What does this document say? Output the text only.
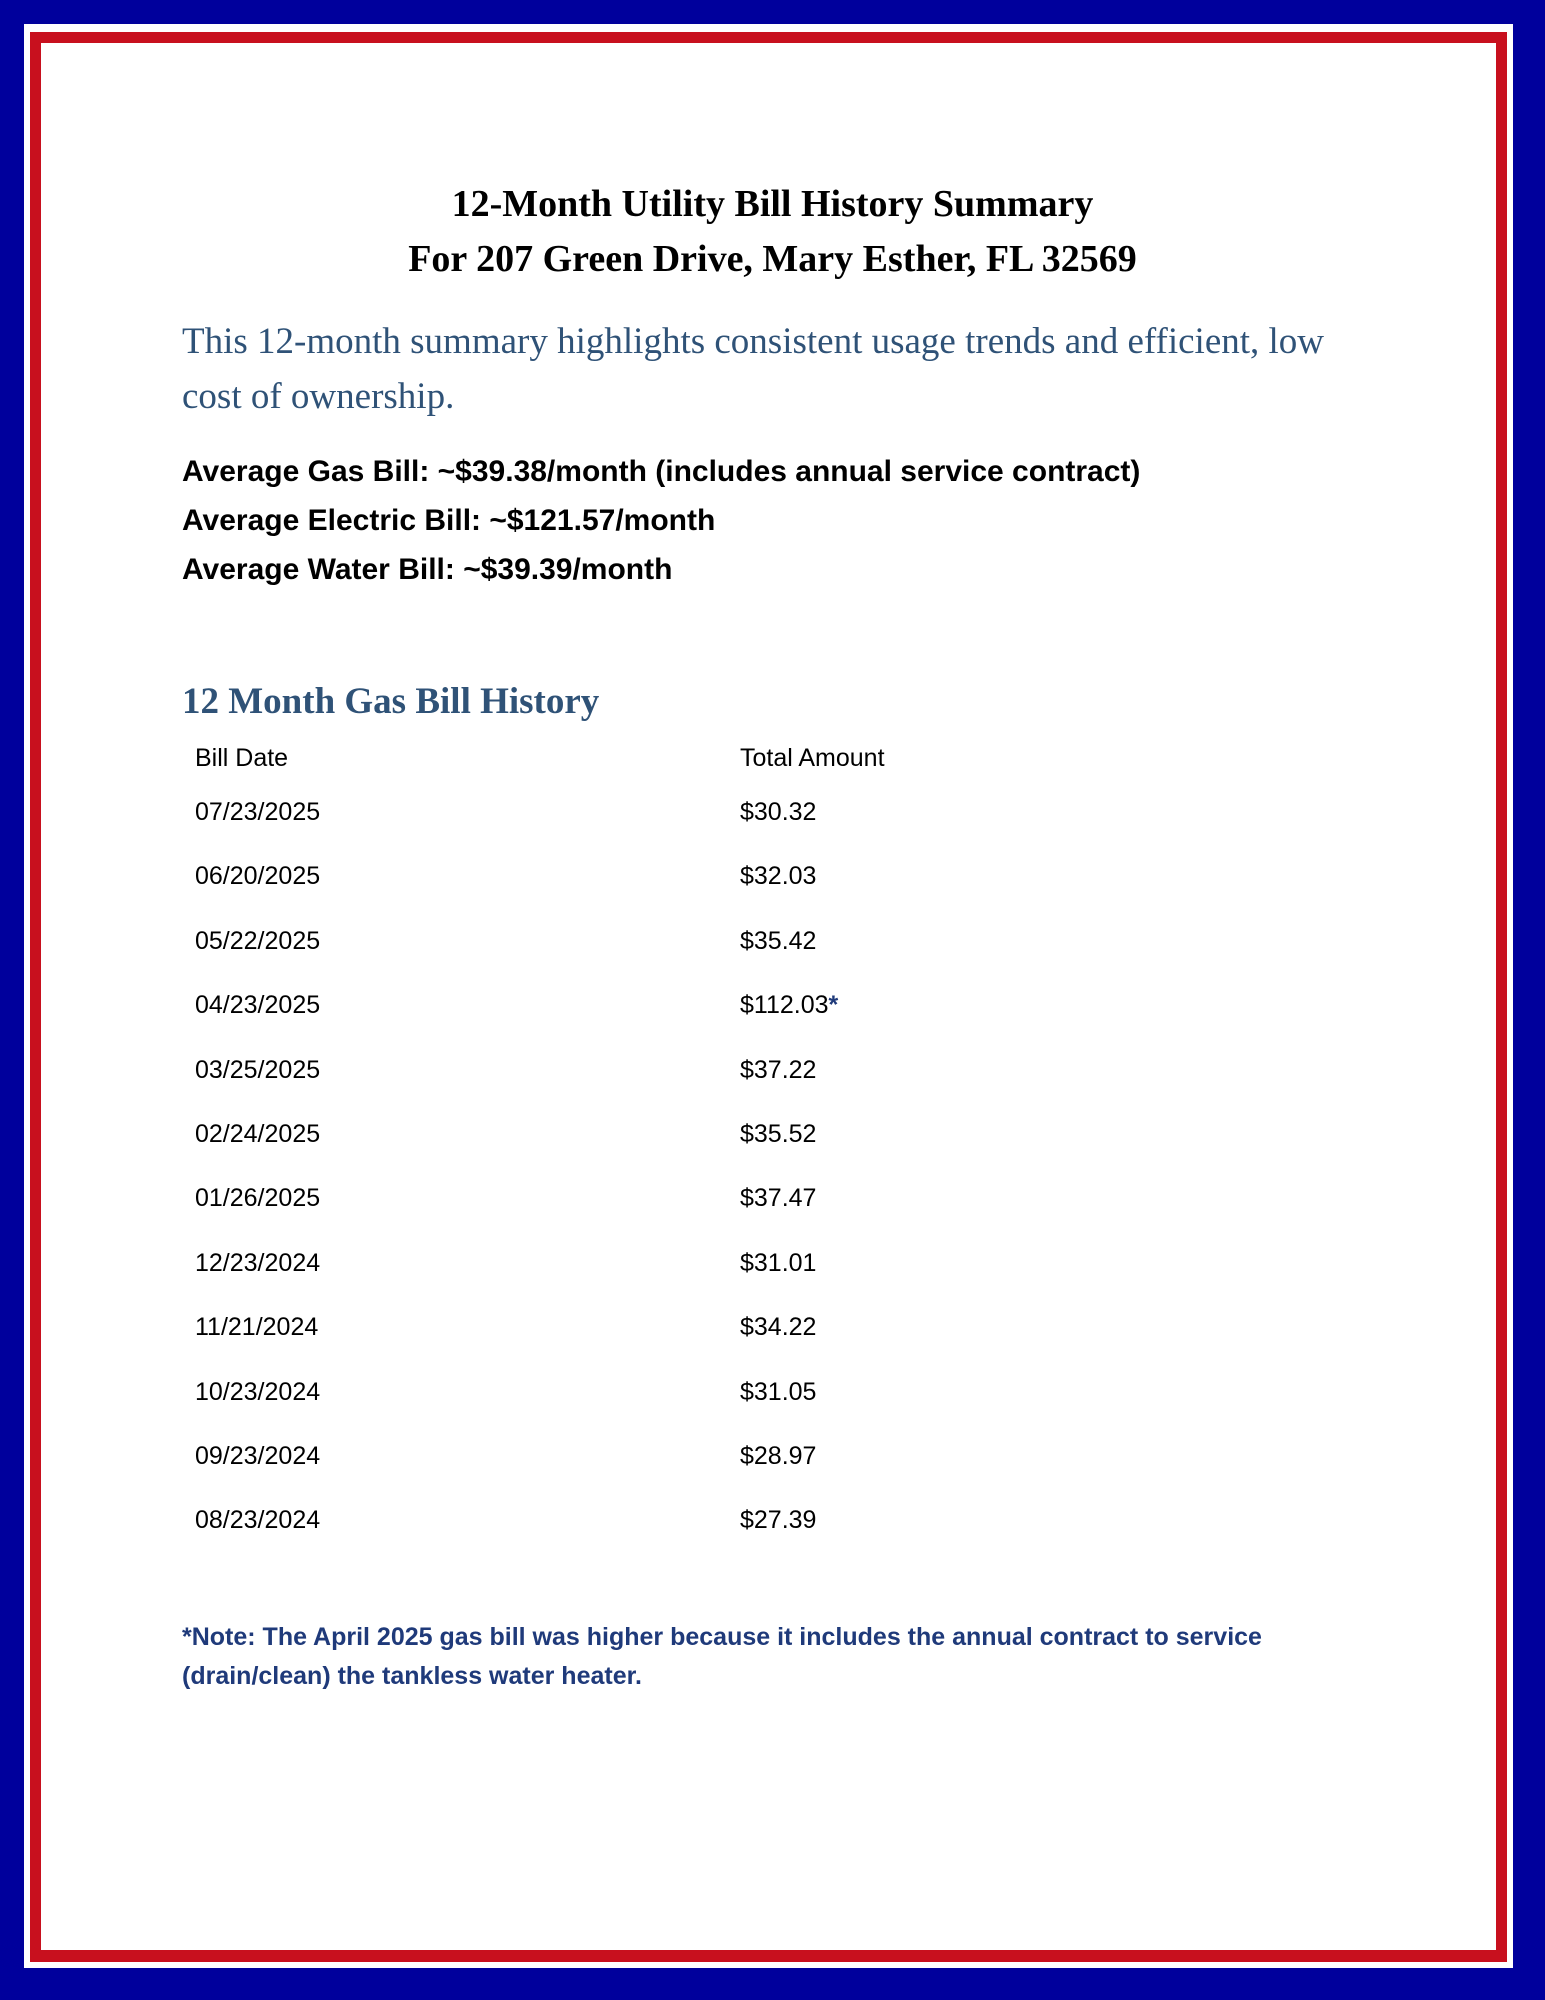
12-Month Utility Bill History Summary
For 207 Green Drive, Mary Esther, FL 32569

This 12-month summary highlights consistent usage trends and efficient, low cost of ownership.

Average Gas Bill: ~$39.38/month (includes annual service contract)

Average Electric Bill: ~$121.57/month

Average Water Bill: ~$39.39/month

12 Month Gas Bill History
Bill Date	Total Amount
07/23/2025	$30.32
06/20/2025	$32.03
05/22/2025	$35.42
04/23/2025	$112.03*
03/25/2025	$37.22
02/24/2025	$35.52
01/26/2025	$37.47
12/23/2024	$31.01
11/21/2024	$34.22
10/23/2024	$31.05
09/23/2024	$28.97
08/23/2024	$27.39

*Note: The April 2025 gas bill was higher because it includes the annual contract to service (drain/clean) the tankless water heater.
